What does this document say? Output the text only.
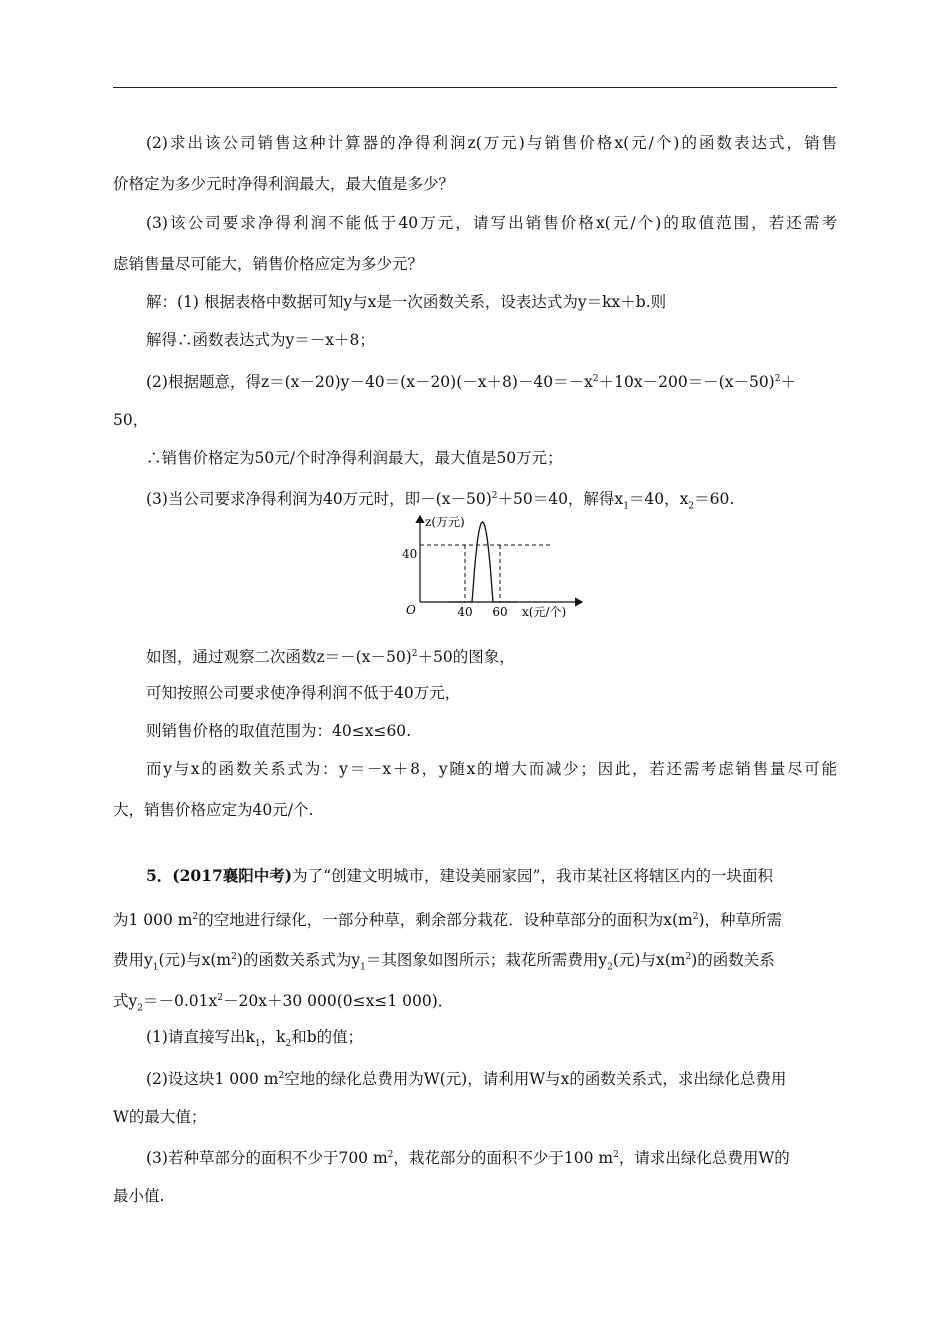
(2)求出该公司销售这种计算器的净得利润z(万元)与销售价格x(元/个)的函数表达式，销售
价格定为多少元时净得利润最大，最大值是多少？
(3)该公司要求净得利润不能低于40万元，请写出销售价格x(元/个)的取值范围，若还需考
虑销售量尽可能大，销售价格应定为多少元？
解：(1) 根据表格中数据可知y与x是一次函数关系，设表达式为y＝kx＋b.则
解得∴函数表达式为y＝－x＋8；
(2)根据题意，得$z=(x-20)y-40=(x-20)(-x+8)-40=-x^2+10x-200=-(x-50)^2+$
50，
∴销售价格定为50元/个时净得利润最大，最大值是50万元；
(3)当公司要求净得利润为40万元时，即$-(x-50)^2+50=40$，解得$x_1=40$，$x_2=60$.
z(万元)
x(元/个)
O
40
40 60
如图，通过观察二次函数$z=-(x-50)^2+50$的图象，
可知按照公司要求使净得利润不低于40万元，
则销售价格的取值范围为：40≤x≤60.
而y与x的函数关系式为：y＝－x＋8，y随x的增大而减少；因此，若还需考虑销售量尽可能
大，销售价格应定为40元/个.
5．(2017襄阳中考)为了“创建文明城市，建设美丽家园”，我市某社区将辖区内的一块面积
为1 000 $m^2$的空地进行绿化，一部分种草，剩余部分栽花．设种草部分的面积为$x(m^2)$，种草所需
费用$y_1$(元)与$x(m^2)$的函数关系式为$y_1=$其图象如图所示；栽花所需费用$y_2$(元)与$x(m^2)$的函数关系
式$y_2=-0.01x^2-20x+30$ 000(0≤x≤1 000)．
(1)请直接写出$k_1$，$k_2$和b的值；
(2)设这块1 000 $m^2$空地的绿化总费用为W(元)，请利用W与x的函数关系式，求出绿化总费用
W的最大值；
(3)若种草部分的面积不少于700 $m^2$，栽花部分的面积不少于100 $m^2$，请求出绿化总费用W的
最小值.
